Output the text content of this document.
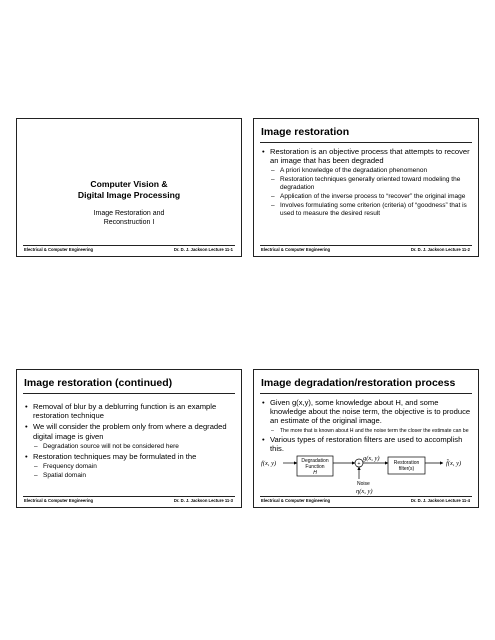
Computer Vision &
Digital Image Processing
Image Restoration and
Reconstruction I
Electrical & Computer Engineering	Dr. D. J. Jackson Lecture 11-1
Image restoration
• Restoration is an objective process that attempts to recover an image that has been degraded
– A priori knowledge of the degradation phenomenon
– Restoration techniques generally oriented toward modeling the degradation
– Application of the inverse process to “recover” the original image
– Involves formulating some criterion (criteria) of “goodness” that is used to measure the desired result
Electrical & Computer Engineering	Dr. D. J. Jackson Lecture 11-2
Image restoration (continued)
• Removal of blur by a deblurring function is an example restoration technique
• We will consider the problem only from where a degraded digital image is given
– Degradation source will not be considered here
• Restoration techniques may be formulated in the
– Frequency domain
– Spatial domain
Electrical & Computer Engineering	Dr. D. J. Jackson Lecture 11-3
Image degradation/restoration process
• Given g(x,y), some knowledge about H, and some knowledge about the noise term, the objective is to produce an estimate of the original image.
– The more that is known about H and the noise term the closer the estimate can be
• Various types of restoration filters are used to accomplish this.
f(x, y)	Degradation
Function
H
+
Noise
η(x, y)
g(x, y)
Restoration
filter(s)
f̂(x, y)
Electrical & Computer Engineering	Dr. D. J. Jackson Lecture 11-4
